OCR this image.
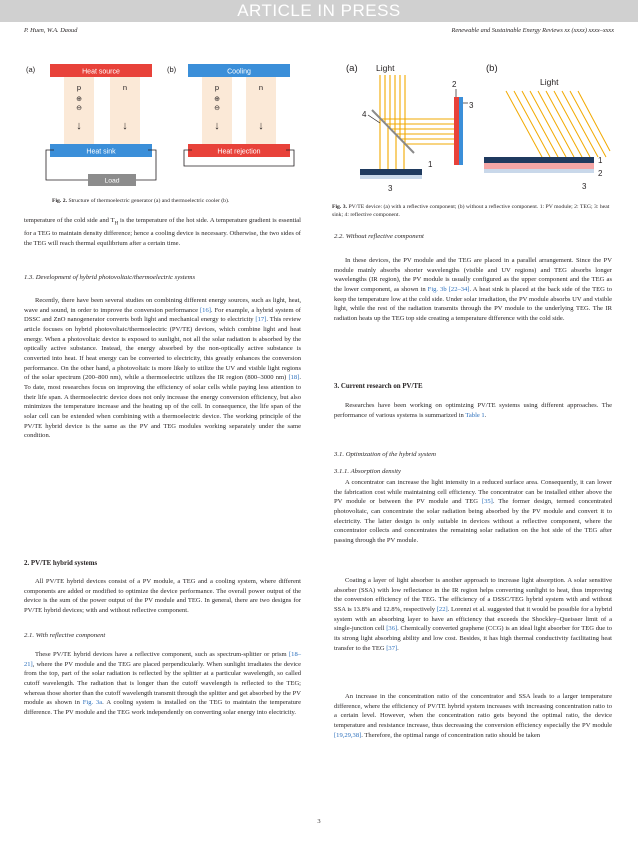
ARTICLE IN PRESS
P. Huen, W.A. Daoud	Renewable and Sustainable Energy Reviews xx (xxxx) xxxx–xxxx
(a)	(b)
Heat source
p	n
⊕
⊖
↓	↓
Heat sink
Load
Cooling
p	n
⊕
⊖
↓	↓
Heat rejection
Fig. 2. Structure of thermoelectric generator (a) and thermoelectric cooler (b).
(a)	(b)
Light
Light
4
2
3
1
3
1
2
3
Fig. 3. PV/TE device: (a) with a reflective component; (b) without a reflective component. 1: PV module; 2: TEG; 3: heat sink; 4: reflective component.
temperature of the cold side and $T_H$ is the temperature of the hot side. A temperature gradient is essential for a TEG to maintain density difference; hence a cooling device is necessary. Otherwise, the two sides of the TEG will reach thermal equilibrium after a certain time.
1.3. Development of hybrid photovoltaic/thermoelectric systems
Recently, there have been several studies on combining different energy sources, such as light, heat, wave and sound, in order to improve the conversion performance [16]. For example, a hybrid system of DSSC and ZnO nanogenerator converts both light and mechanical energy to electricity [17]. This review article focuses on hybrid photovoltaic/thermoelectric (PV/TE) devices, which combine light and heat energy. When a photovoltaic device is exposed to sunlight, not all the solar radiation is absorbed by the optically active substance. Instead, the energy absorbed by the non-optically active substance is converted into heat. If heat energy can be converted to electricity, this greatly enhances the conversion performance. On the other hand, a photovoltaic is more likely to utilize the UV and visible light regions of the solar spectrum (200–800 nm), while a thermoelectric utilizes the IR region (800–3000 nm) [18]. To date, most researches focus on improving the efficiency of solar cells while paying less attention to their life span. A thermoelectric device does not only increase the energy conversion efficiency, but also minimizes the temperature increase and the heating up of the cell. In consequence, the life span of the solar cell can be extended when combining with a thermoelectric device. The working principle of the PV/TE hybrid device is the same as the PV and TEG modules working separately under the same condition.
2. PV/TE hybrid systems
All PV/TE hybrid devices consist of a PV module, a TEG and a cooling system, where different components are added or modified to optimize the device performance. The overall power output of the device is the sum of the power output of the PV module and TEG. In general, there are two designs for PV/TE hybrid devices; with and without reflective component.
2.1. With reflective component
These PV/TE hybrid devices have a reflective component, such as spectrum-splitter or prism [18–21], where the PV module and the TEG are placed perpendicularly. When sunlight irradiates the device from the top, part of the solar radiation is reflected by the splitter at a particular wavelength, so called cutoff wavelength. The radiation that is longer than the cutoff wavelength is reflected to the TEG; whereas those shorter than the cutoff wavelength transmit through the splitter and get absorbed by the PV module as shown in Fig. 3a. A cooling system is installed on the TEG to maintain the temperature difference. The PV module and the TEG work independently on converting solar energy into electricity.
2.2. Without reflective component
In these devices, the PV module and the TEG are placed in a parallel arrangement. Since the PV module mainly absorbs shorter wavelengths (visible and UV regions) and TEG absorbs longer wavelengths (IR region), the PV module is usually configured as the upper component and the TEG as the lower component, as shown in Fig. 3b [22–34]. A heat sink is placed at the back side of the TEG to keep the temperature low at the cold side. Under solar irradiation, the PV module absorbs UV and visible light, while the rest of the radiation transmits through the PV module to the underlying TEG. The IR radiation heats up the TEG top side creating a temperature difference with the cold side.
3. Current research on PV/TE
Researches have been working on optimizing PV/TE systems using different approaches. The performance of various systems is summarized in Table 1.
3.1. Optimization of the hybrid system
3.1.1. Absorption density
A concentrator can increase the light intensity in a reduced surface area. Consequently, it can lower the fabrication cost while maintaining cell efficiency. The concentrator can be installed either above the PV module or between the PV module and TEG [35]. The former design, termed concentrated photovoltaic, can concentrate the solar radiation being absorbed by the PV module and convert it to electricity. The latter design is only suitable in devices without a reflective component, where the concentrator collects and concentrates the remaining solar radiation on the hot side of the TEG after passing through the PV module.
Coating a layer of light absorber is another approach to increase light absorption. A solar sensitive absorber (SSA) with low reflectance in the IR region helps converting sunlight to heat, thus improving the conversion efficiency of the TEG. The efficiency of a DSSC/TEG hybrid system with and without SSA is 13.8% and 12.8%, respectively [22]. Lorenzi et al. suggested that it would be possible for a hybrid system with an absorbing layer to have an efficiency that exceeds the Shockley–Queisser limit of a single-junction cell [36]. Chemically converted graphene (CCG) is an ideal light absorber for TEG due to its strong light absorbing ability and low cost. Besides, it has high thermal conductivity facilitating heat transfer to the TEG [37].
An increase in the concentration ratio of the concentrator and SSA leads to a larger temperature difference, where the efficiency of PV/TE hybrid system increases with increasing concentration ratio to a certain level. However, when the concentration ratio gets beyond the optimal ratio, the device temperature and resistance increase, thus decreasing the conversion efficiency especially the PV module [19,29,38]. Therefore, the optimal range of concentration ratio should be taken
3
